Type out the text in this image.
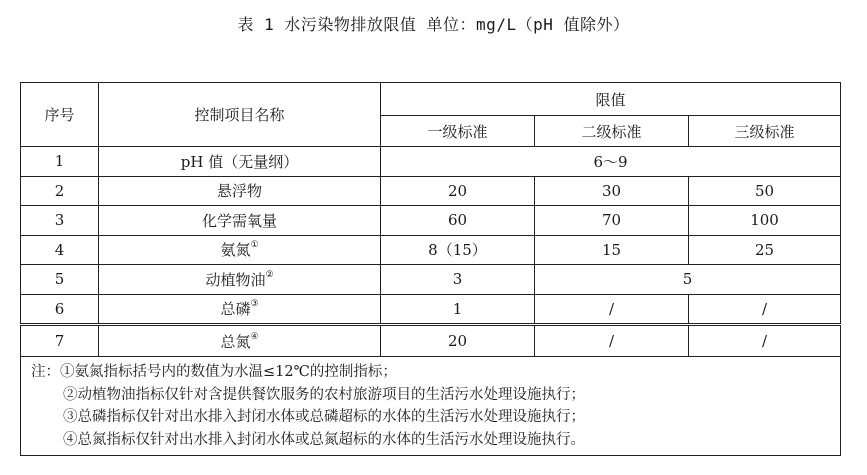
表 1 水污染物排放限值 单位：mg/L（pH 值除外）
序号	控制项目名称	限值		
		一级标准	二级标准	三级标准
1	pH 值（无量纲）	6～9		
2	悬浮物	20	30	50
3	化学需氧量	60	70	100
4	氨氮①	8（15）	15	25
5	动植物油②	3	5	
6	总磷③	1	/	/
7	总氮④	20	/	/

注：①氨氮指标括号内的数值为水温≤12℃的控制指标；
②动植物油指标仅针对含提供餐饮服务的农村旅游项目的生活污水处理设施执行；
③总磷指标仅针对出水排入封闭水体或总磷超标的水体的生活污水处理设施执行；
④总氮指标仅针对出水排入封闭水体或总氮超标的水体的生活污水处理设施执行。				
